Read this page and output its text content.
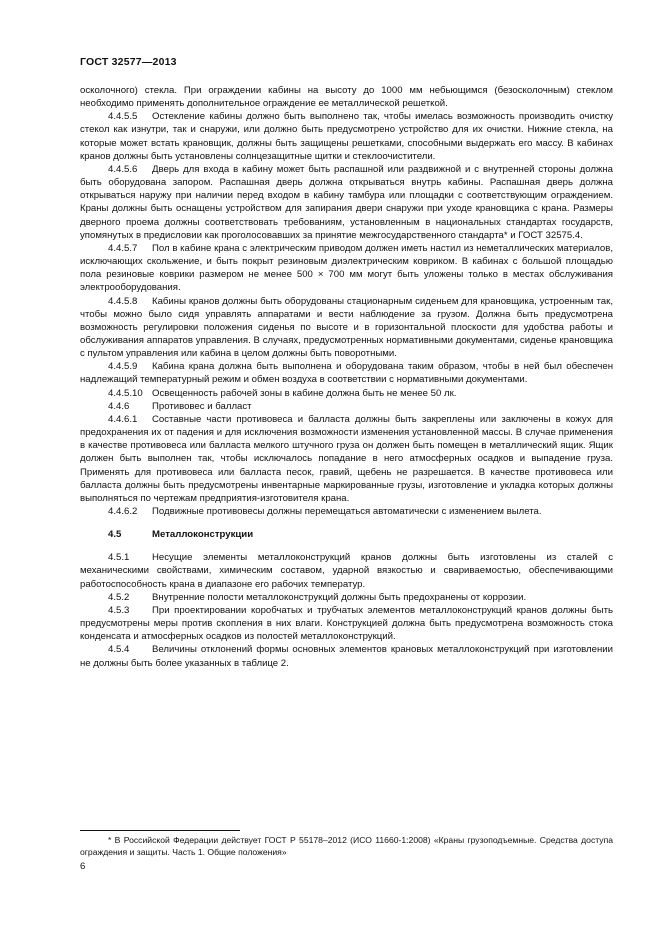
ГОСТ 32577—2013

осколочного) стекла. При ограждении кабины на высоту до 1000 мм небьющимся (безосколочным) стеклом необходимо применять дополнительное ограждение ее металлической решеткой.

4.4.5.5 Остекление кабины должно быть выполнено так, чтобы имелась возможность производить очистку стекол как изнутри, так и снаружи, или должно быть предусмотрено устройство для их очистки. Нижние стекла, на которые может встать крановщик, должны быть защищены решетками, способными выдержать его массу. В кабинах кранов должны быть установлены солнцезащитные щитки и стеклоочистители.

4.4.5.6 Дверь для входа в кабину может быть распашной или раздвижной и с внутренней стороны должна быть оборудована запором. Распашная дверь должна открываться внутрь кабины. Распашная дверь должна открываться наружу при наличии перед входом в кабину тамбура или площадки с соответствующим ограждением. Краны должны быть оснащены устройством для запирания двери снаружи при уходе крановщика с крана. Размеры дверного проема должны соответствовать требованиям, установленным в национальных стандартах государств, упомянутых в предисловии как проголосовавших за принятие межгосударственного стандарта* и ГОСТ 32575.4.

4.4.5.7 Пол в кабине крана с электрическим приводом должен иметь настил из неметаллических материалов, исключающих скольжение, и быть покрыт резиновым диэлектрическим ковриком. В кабинах с большой площадью пола резиновые коврики размером не менее 500 × 700 мм могут быть уложены только в местах обслуживания электрооборудования.

4.4.5.8 Кабины кранов должны быть оборудованы стационарным сиденьем для крановщика, устроенным так, чтобы можно было сидя управлять аппаратами и вести наблюдение за грузом. Должна быть предусмотрена возможность регулировки положения сиденья по высоте и в горизонтальной плоскости для удобства работы и обслуживания аппаратов управления. В случаях, предусмотренных нормативными документами, сиденье крановщика с пультом управления или кабина в целом должны быть поворотными.

4.4.5.9 Кабина крана должна быть выполнена и оборудована таким образом, чтобы в ней был обеспечен надлежащий температурный режим и обмен воздуха в соответствии с нормативными документами.

4.4.5.10 Освещенность рабочей зоны в кабине должна быть не менее 50 лк.

4.4.6 Противовес и балласт

4.4.6.1 Составные части противовеса и балласта должны быть закреплены или заключены в кожух для предохранения их от падения и для исключения возможности изменения установленной массы. В случае применения в качестве противовеса или балласта мелкого штучного груза он должен быть помещен в металлический ящик. Ящик должен быть выполнен так, чтобы исключалось попадание в него атмосферных осадков и выпадение груза. Применять для противовеса или балласта песок, гравий, щебень не разрешается. В качестве противовеса или балласта должны быть предусмотрены инвентарные маркированные грузы, изготовление и укладка которых должны выполняться по чертежам предприятия-изготовителя крана.

4.4.6.2 Подвижные противовесы должны перемещаться автоматически с изменением вылета.

4.5	Металлоконструкции

4.5.1 Несущие элементы металлоконструкций кранов должны быть изготовлены из сталей с механическими свойствами, химическим составом, ударной вязкостью и свариваемостью, обеспечивающими работоспособность крана в диапазоне его рабочих температур.

4.5.2 Внутренние полости металлоконструкций должны быть предохранены от коррозии.

4.5.3 При проектировании коробчатых и трубчатых элементов металлоконструкций кранов должны быть предусмотрены меры против скопления в них влаги. Конструкцией должна быть предусмотрена возможность стока конденсата и атмосферных осадков из полостей металлоконструкций.

4.5.4 Величины отклонений формы основных элементов крановых металлоконструкций при изготовлении не должны быть более указанных в таблице 2.

* В Российской Федерации действует ГОСТ Р 55178–2012 (ИСО 11660-1:2008) «Краны грузоподъемные. Средства доступа ограждения и защиты. Часть 1. Общие положения»

6
